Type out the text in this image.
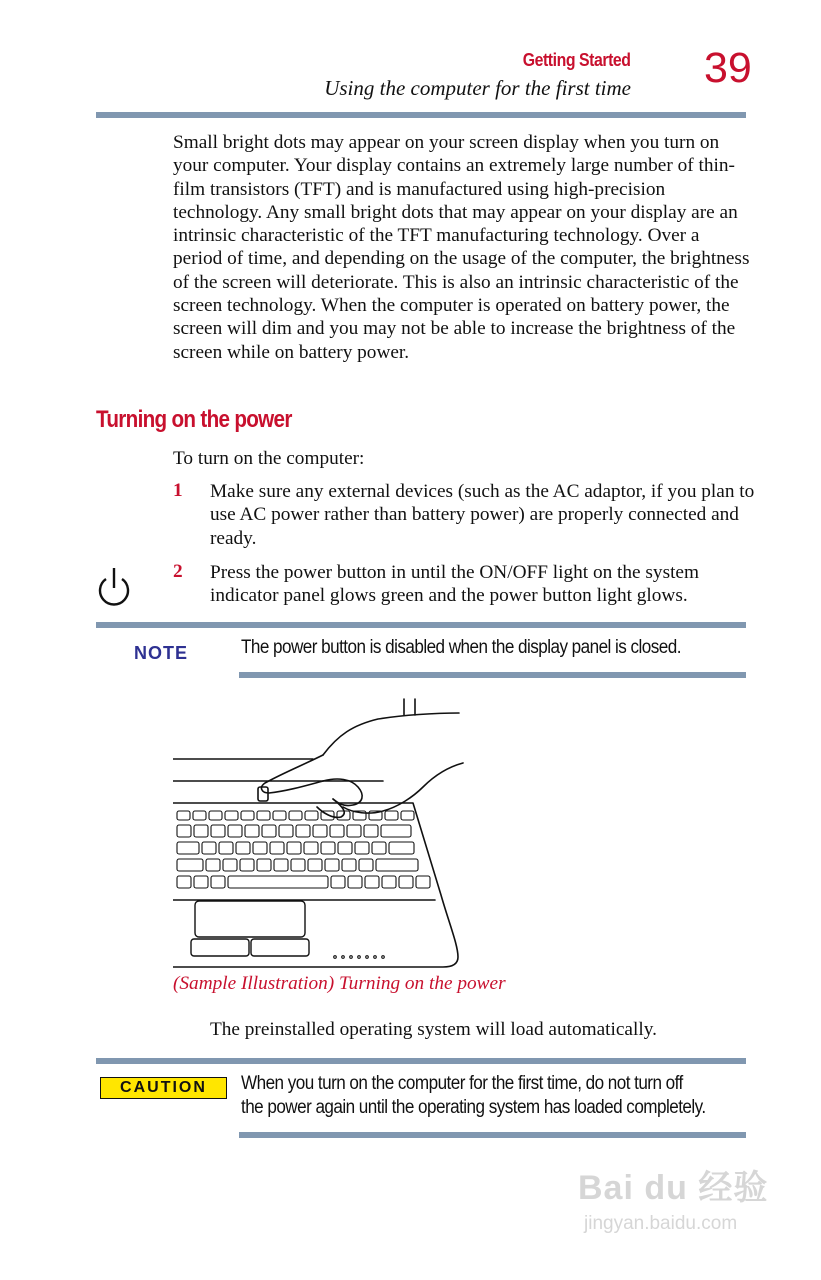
Getting Started
Using the computer for the first time 39
Small bright dots may appear on your screen display when you turn on your computer. Your display contains an extremely large number of thin-film transistors (TFT) and is manufactured using high-precision technology. Any small bright dots that may appear on your display are an intrinsic characteristic of the TFT manufacturing technology. Over a period of time, and depending on the usage of the computer, the brightness of the screen will deteriorate. This is also an intrinsic characteristic of the screen technology. When the computer is operated on battery power, the screen will dim and you may not be able to increase the brightness of the screen while on battery power.
Turning on the power
To turn on the computer:
1 Make sure any external devices (such as the AC adaptor, if you plan to use AC power rather than battery power) are properly connected and ready.
2 Press the power button in until the ON/OFF light on the system indicator panel glows green and the power button light glows.
NOTE	The power button is disabled when the display panel is closed.
(Sample Illustration) Turning on the power
The preinstalled operating system will load automatically.
CAUTION	When you turn on the computer for the first time, do not turn off the power again until the operating system has loaded completely.
Bai du 经验
jingyan.baidu.com
